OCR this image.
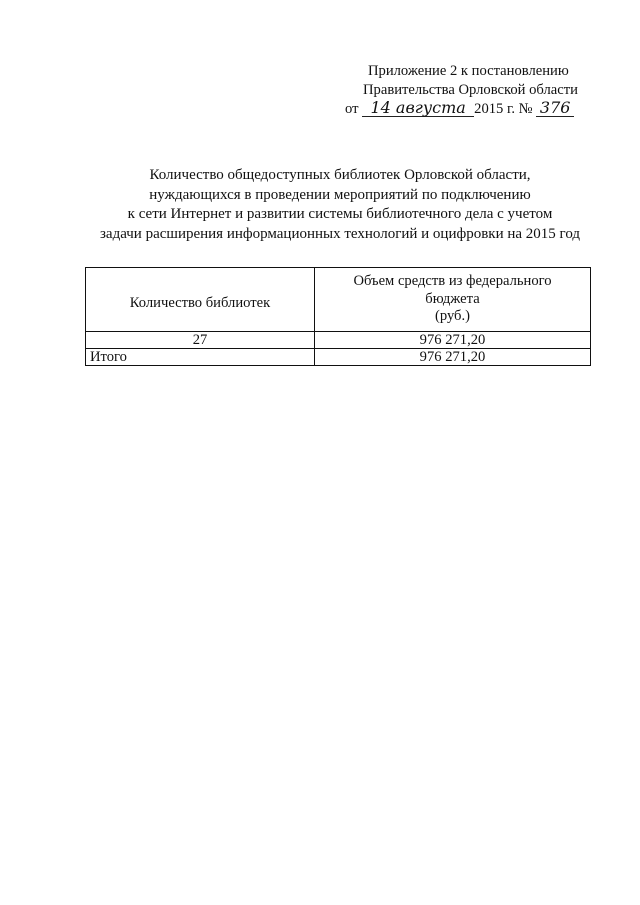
Приложение 2 к постановлению
Правительства Орловской области
от 14 августа 2015 г. № 376
Количество общедоступных библиотек Орловской области,
нуждающихся в проведении мероприятий по подключению
к сети Интернет и развитии системы библиотечного дела с учетом
задачи расширения информационных технологий и оцифровки на 2015 год
Количество библиотек	Объем средств из федерального
бюджета
(руб.)

27	976 271,20
Итого	976 271,20
